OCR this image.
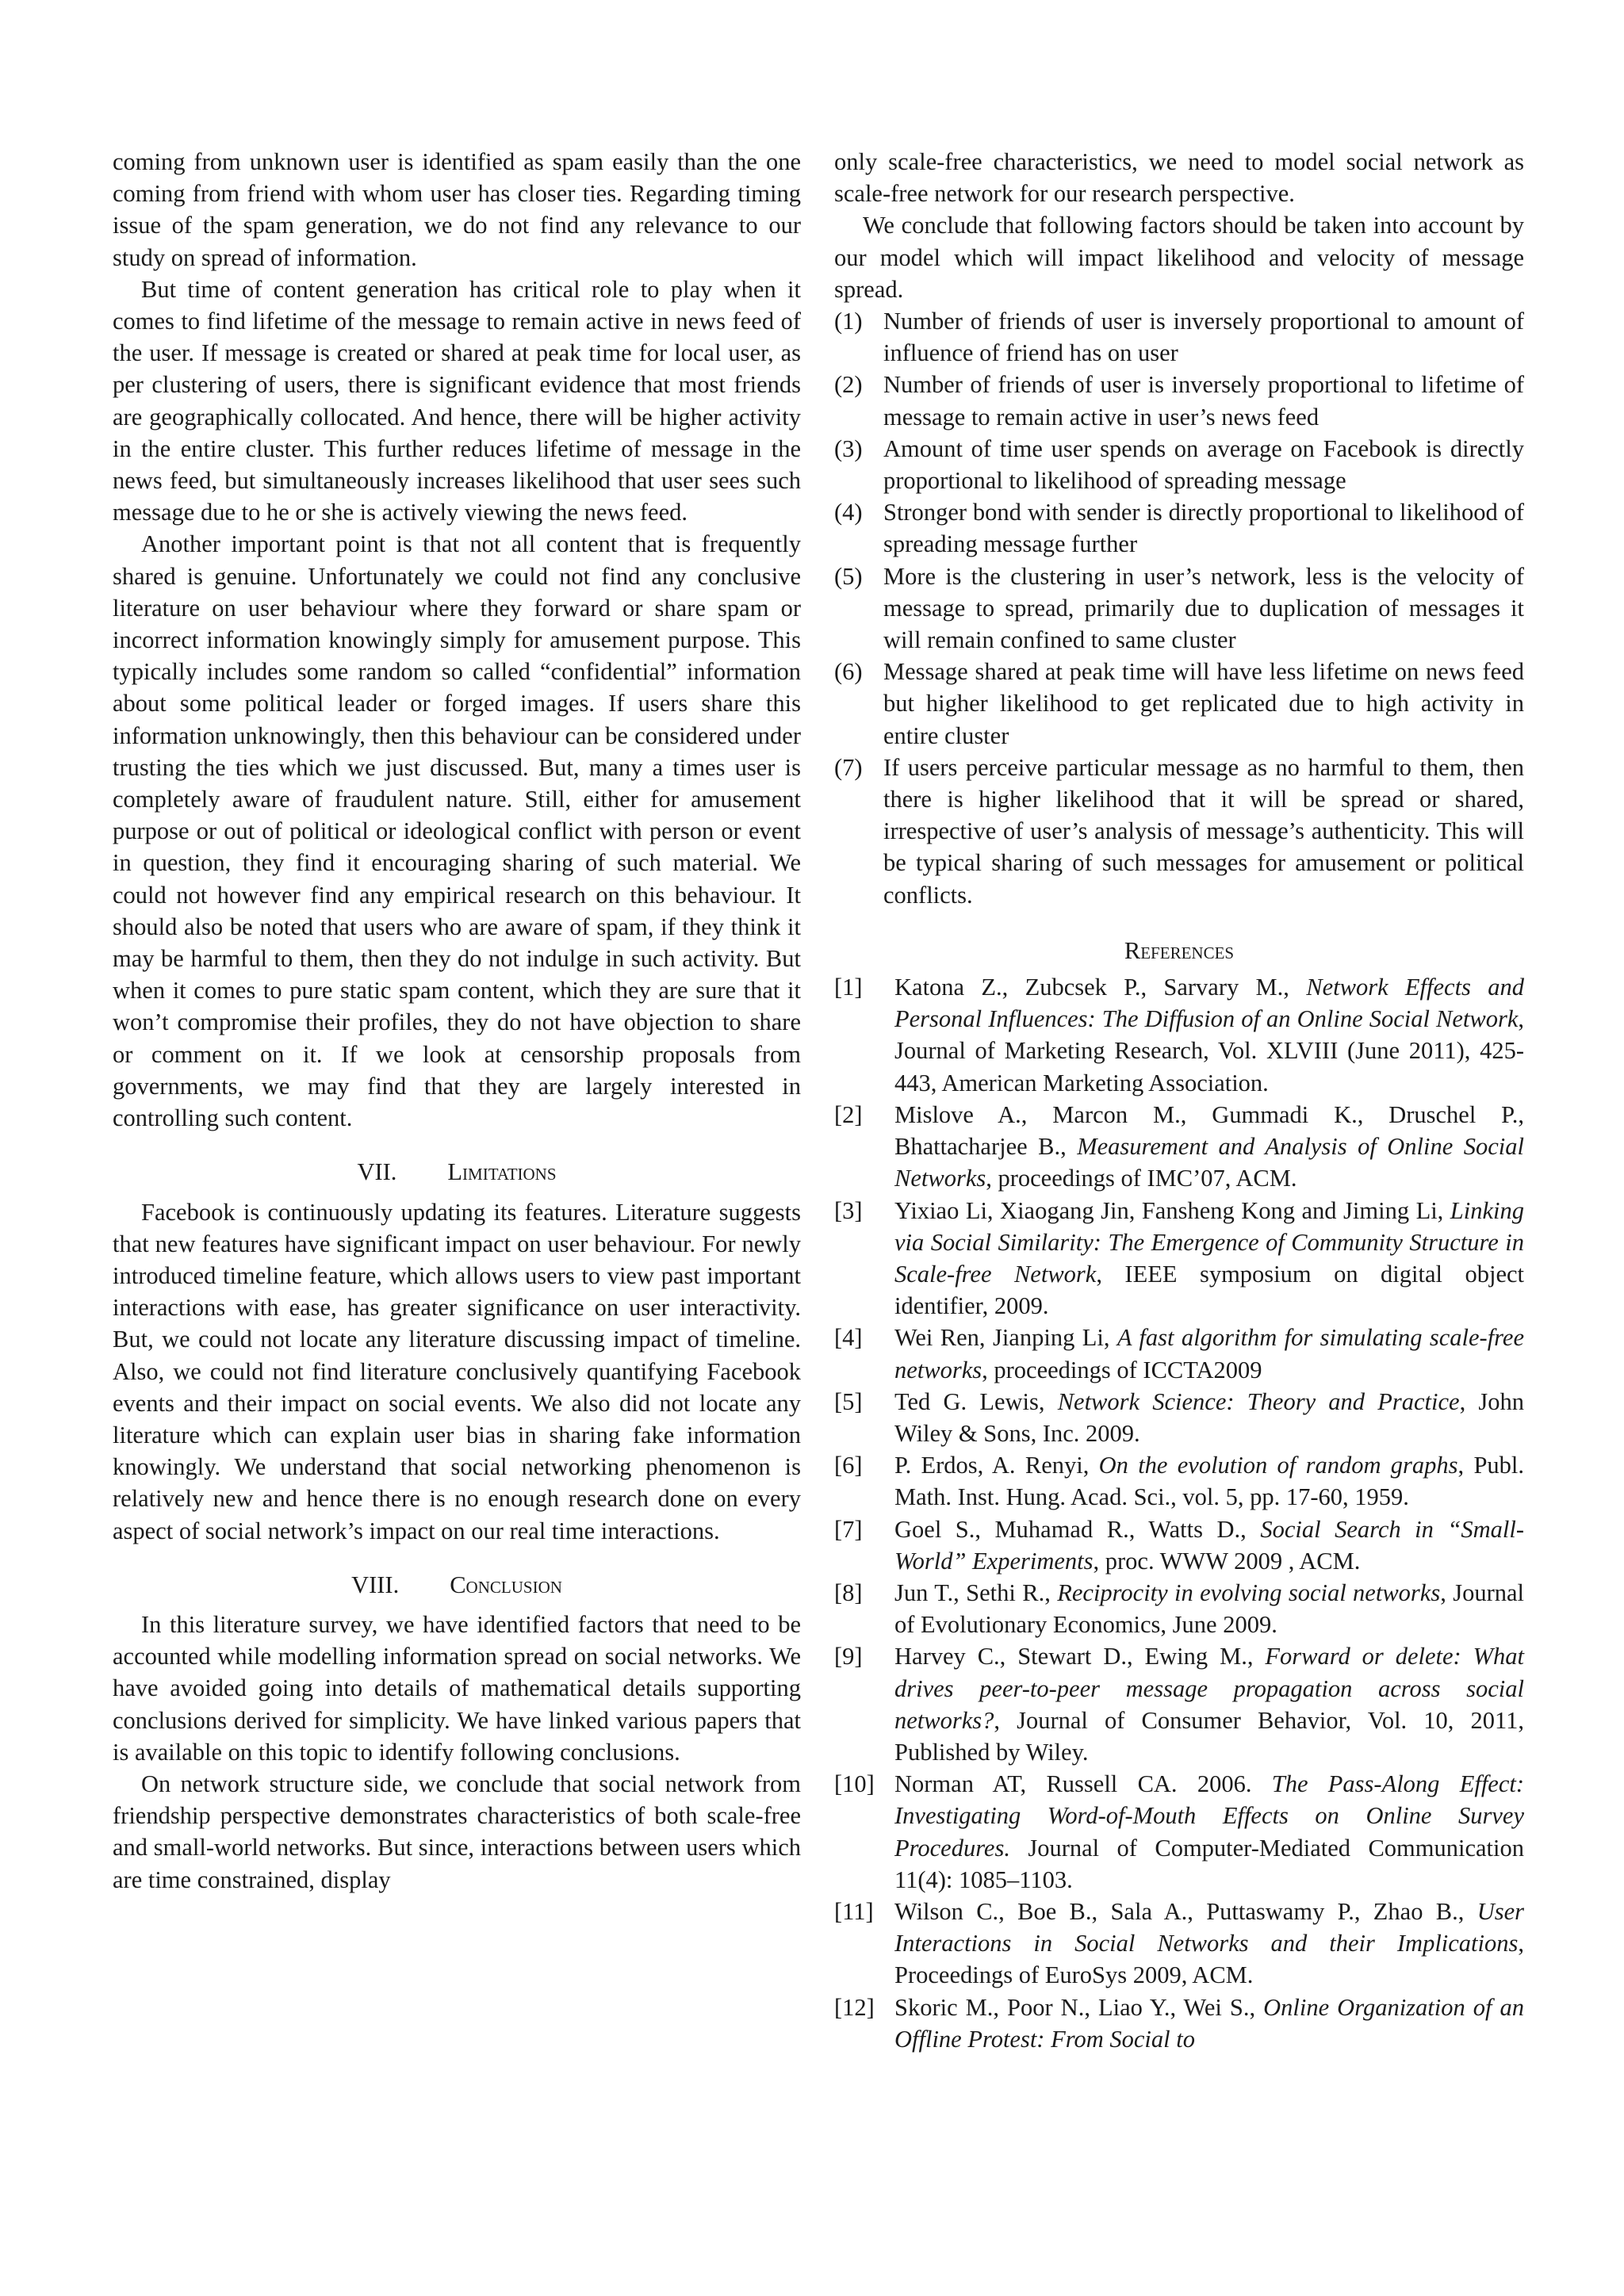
coming from unknown user is identified as spam easily than the one coming from friend with whom user has closer ties. Regarding timing issue of the spam generation, we do not find any relevance to our study on spread of information.

But time of content generation has critical role to play when it comes to find lifetime of the message to remain active in news feed of the user. If message is created or shared at peak time for local user, as per clustering of users, there is significant evidence that most friends are geographically collocated. And hence, there will be higher activity in the entire cluster. This further reduces lifetime of message in the news feed, but simultaneously increases likelihood that user sees such message due to he or she is actively viewing the news feed.

Another important point is that not all content that is frequently shared is genuine. Unfortunately we could not find any conclusive literature on user behaviour where they forward or share spam or incorrect information knowingly simply for amusement purpose. This typically includes some random so called “confidential” information about some political leader or forged images. If users share this information unknowingly, then this behaviour can be considered under trusting the ties which we just discussed. But, many a times user is completely aware of fraudulent nature. Still, either for amusement purpose or out of political or ideological conflict with person or event in question, they find it encouraging sharing of such material. We could not however find any empirical research on this behaviour. It should also be noted that users who are aware of spam, if they think it may be harmful to them, then they do not indulge in such activity. But when it comes to pure static spam content, which they are sure that it won’t compromise their profiles, they do not have objection to share or comment on it. If we look at censorship proposals from governments, we may find that they are largely interested in controlling such content.

VII. Limitations

Facebook is continuously updating its features. Literature suggests that new features have significant impact on user behaviour. For newly introduced timeline feature, which allows users to view past important interactions with ease, has greater significance on user interactivity. But, we could not locate any literature discussing impact of timeline. Also, we could not find literature conclusively quantifying Facebook events and their impact on social events. We also did not locate any literature which can explain user bias in sharing fake information knowingly. We understand that social networking phenomenon is relatively new and hence there is no enough research done on every aspect of social network’s impact on our real time interactions.

VIII. Conclusion

In this literature survey, we have identified factors that need to be accounted while modelling information spread on social networks. We have avoided going into details of mathematical details supporting conclusions derived for simplicity. We have linked various papers that is available on this topic to identify following conclusions.

On network structure side, we conclude that social network from friendship perspective demonstrates characteristics of both scale-free and small-world networks. But since, interactions between users which are time constrained, display

only scale-free characteristics, we need to model social network as scale-free network for our research perspective.

We conclude that following factors should be taken into account by our model which will impact likelihood and velocity of message spread.

(1) Number of friends of user is inversely proportional to amount of influence of friend has on user
(2) Number of friends of user is inversely proportional to lifetime of message to remain active in user’s news feed
(3) Amount of time user spends on average on Facebook is directly proportional to likelihood of spreading message
(4) Stronger bond with sender is directly proportional to likelihood of spreading message further
(5) More is the clustering in user’s network, less is the velocity of message to spread, primarily due to duplication of messages it will remain confined to same cluster
(6) Message shared at peak time will have less lifetime on news feed but higher likelihood to get replicated due to high activity in entire cluster
(7) If users perceive particular message as no harmful to them, then there is higher likelihood that it will be spread or shared, irrespective of user’s analysis of message’s authenticity. This will be typical sharing of such messages for amusement or political conflicts.
References
[1] Katona Z., Zubcsek P., Sarvary M., Network Effects and Personal Influences: The Diffusion of an Online Social Network, Journal of Marketing Research, Vol. XLVIII (June 2011), 425-443, American Marketing Association.
[2] Mislove A., Marcon M., Gummadi K., Druschel P., Bhattacharjee B., Measurement and Analysis of Online Social Networks, proceedings of IMC’07, ACM.
[3] Yixiao Li, Xiaogang Jin, Fansheng Kong and Jiming Li, Linking via Social Similarity: The Emergence of Community Structure in Scale-free Network, IEEE symposium on digital object identifier, 2009.
[4] Wei Ren, Jianping Li, A fast algorithm for simulating scale-free networks, proceedings of ICCTA2009
[5] Ted G. Lewis, Network Science: Theory and Practice, John Wiley & Sons, Inc. 2009.
[6] P. Erdos, A. Renyi, On the evolution of random graphs, Publ. Math. Inst. Hung. Acad. Sci., vol. 5, pp. 17-60, 1959.
[7] Goel S., Muhamad R., Watts D., Social Search in “Small-World” Experiments, proc. WWW 2009 , ACM.
[8] Jun T., Sethi R., Reciprocity in evolving social networks, Journal of Evolutionary Economics, June 2009.
[9] Harvey C., Stewart D., Ewing M., Forward or delete: What drives peer-to-peer message propagation across social networks?, Journal of Consumer Behavior, Vol. 10, 2011, Published by Wiley.
[10] Norman AT, Russell CA. 2006. The Pass-Along Effect: Investigating Word-of-Mouth Effects on Online Survey Procedures. Journal of Computer-Mediated Communication 11(4): 1085–1103.
[11] Wilson C., Boe B., Sala A., Puttaswamy P., Zhao B., User Interactions in Social Networks and their Implications, Proceedings of EuroSys 2009, ACM.
[12] Skoric M., Poor N., Liao Y., Wei S., Online Organization of an Offline Protest: From Social to
